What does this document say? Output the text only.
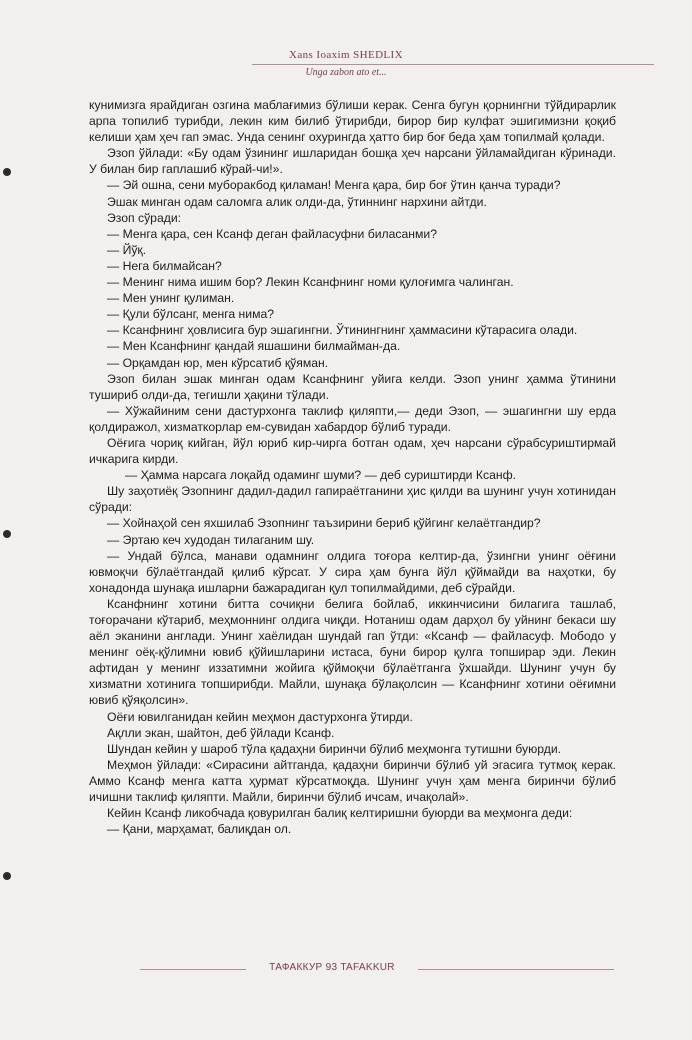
Xans Ioaxim SHEDLIX
Unga zabon ato et...

кунимизга ярайдиган озгина маблағимиз бўлиши керак. Сенга бугун қорнингни тўйдирарлик арпа топилиб турибди, лекин ким билиб ўтирибди, бирор бир кулфат эшигимизни қоқиб келиши ҳам ҳеч гап эмас. Унда сенинг охурингда ҳатто бир боғ беда ҳам топилмай қолади.

Эзоп ўйлади: «Бу одам ўзининг ишларидан бошқа ҳеч нарсани ўйламайдиган кўринади. У билан бир гаплашиб кўрай-чи!».

— Эй ошна, сени муборакбод қиламан! Менга қара, бир боғ ўтин қанча туради?

Эшак минган одам саломга алик олди-да, ўтиннинг нархини айтди.

Эзоп сўради:

— Менга қара, сен Ксанф деган файласуфни биласанми?

— Йўқ.

— Нега билмайсан?

— Менинг нима ишим бор? Лекин Ксанфнинг номи қулоғимга чалинган.

— Мен унинг қулиман.

— Қули бўлсанг, менга нима?

— Ксанфнинг ҳовлисига бур эшагингни. Ўтинингнинг ҳаммасини кўтарасига олади.

— Мен Ксанфнинг қандай яшашини билмайман-да.

— Орқамдан юр, мен кўрсатиб қўяман.

Эзоп билан эшак минган одам Ксанфнинг уйига келди. Эзоп унинг ҳамма ўтинини тушириб олди-да, тегишли ҳақини тўлади.

— Хўжайиним сени дастурхонга таклиф қиляпти,— деди Эзоп, — эшагингни шу ерда қолдиражол, хизматкорлар ем-сувидан хабардор бўлиб туради.

Оёғига чориқ кийган, йўл юриб кир-чирга ботган одам, ҳеч нарсани сўрабсуриштирмай ичкарига кирди.

— Ҳамма нарсага лоқайд одаминг шуми? — деб суриштирди Ксанф.

Шу заҳотиёқ Эзопнинг дадил-дадил гапираётганини ҳис қилди ва шунинг учун хотинидан сўради:

— Хойнаҳой сен яхшилаб Эзопнинг таъзирини бериб қўйгинг келаётгандир?

— Эртаю кеч худодан тилаганим шу.

— Ундай бўлса, манави одамнинг олдига тоғора келтир-да, ўзингни унинг оёғини ювмоқчи бўлаётгандай қилиб кўрсат. У сира ҳам бунга йўл қўймайди ва наҳотки, бу хонадонда шунақа ишларни бажарадиган қул топилмайдими, деб сўрайди.

Ксанфнинг хотини битта сочиқни белига бойлаб, иккинчисини билагига ташлаб, тоғорачани кўтариб, меҳмоннинг олдига чиқди. Нотаниш одам дарҳол бу уйнинг бекаси шу аёл эканини англади. Унинг хаёлидан шундай гап ўтди: «Ксанф — файласуф. Мободо у менинг оёқ-қўлимни ювиб қўйишларини истаса, буни бирор қулга топширар эди. Лекин афтидан у менинг иззатимни жойига қўймоқчи бўлаётганга ўхшайди. Шунинг учун бу хизматни хотинига топширибди. Майли, шунақа бўлақолсин — Ксанфнинг хотини оёғимни ювиб қўяқолсин».

Оёғи ювилганидан кейин меҳмон дастурхонга ўтирди.

Ақлли экан, шайтон, деб ўйлади Ксанф.

Шундан кейин у шароб тўла қадаҳни биринчи бўлиб меҳмонга тутишни буюрди.

Меҳмон ўйлади: «Сирасини айтганда, қадаҳни биринчи бўлиб уй эгасига тутмоқ керак. Аммо Ксанф менга катта ҳурмат кўрсатмоқда. Шунинг учун ҳам менга биринчи бўлиб ичишни таклиф қиляпти. Майли, биринчи бўлиб ичсам, ичақолай».

Кейин Ксанф ликобчада қовурилган балиқ келтиришни буюрди ва меҳмонга деди:

— Қани, марҳамат, балиқдан ол.

ТАФАККУР 93 TAFAKKUR
